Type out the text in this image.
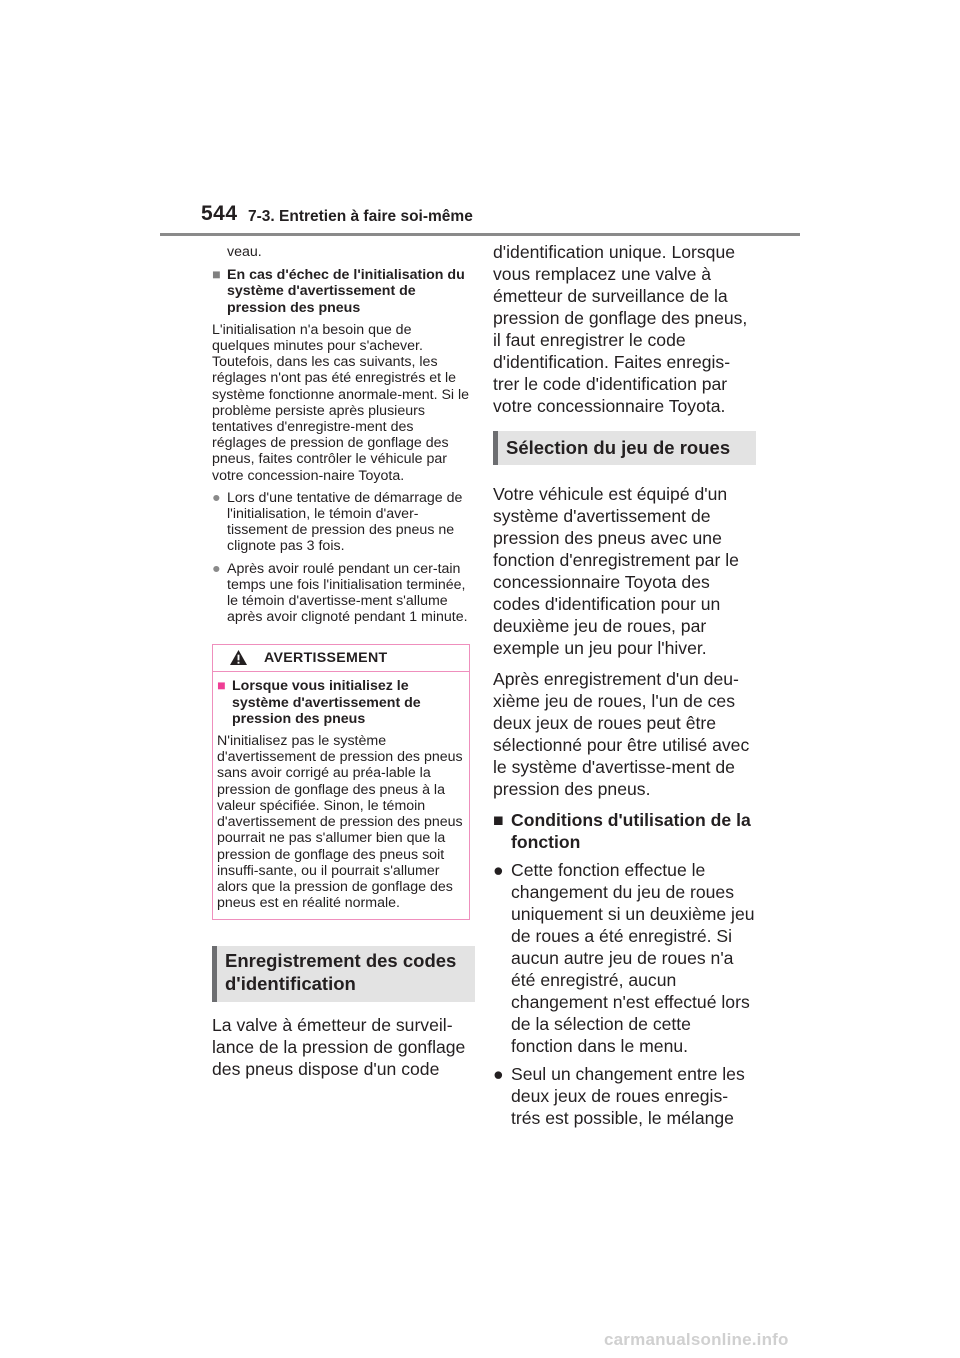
544 7-3. Entretien à faire soi-même
veau.
■ En cas d'échec de l'initialisation du système d'avertissement de pression des pneus
L'initialisation n'a besoin que de quelques minutes pour s'achever. Toutefois, dans les cas suivants, les réglages n'ont pas été enregistrés et le système fonctionne anormale-ment. Si le problème persiste après plusieurs tentatives d'enregistre-ment des réglages de pression de gonflage des pneus, faites contrôler le véhicule par votre concession-naire Toyota.
● Lors d'une tentative de démarrage de l'initialisation, le témoin d'aver-tissement de pression des pneus ne clignote pas 3 fois.
● Après avoir roulé pendant un cer-tain temps une fois l'initialisation terminée, le témoin d'avertisse-ment s'allume après avoir clignoté pendant 1 minute.
AVERTISSEMENT
■ Lorsque vous initialisez le système d'avertissement de pression des pneus
N'initialisez pas le système d'avertissement de pression des pneus sans avoir corrigé au préa-lable la pression de gonflage des pneus à la valeur spécifiée. Sinon, le témoin d'avertissement de pression des pneus pourrait ne pas s'allumer bien que la pression de gonflage des pneus soit insuffi-sante, ou il pourrait s'allumer alors que la pression de gonflage des pneus est en réalité normale.
Enregistrement des codes d'identification
La valve à émetteur de surveil-lance de la pression de gonflage des pneus dispose d'un code
d'identification unique. Lorsque vous remplacez une valve à émetteur de surveillance de la pression de gonflage des pneus, il faut enregistrer le code d'identification. Faites enregis-trer le code d'identification par votre concessionnaire Toyota.
Sélection du jeu de roues
Votre véhicule est équipé d'un système d'avertissement de pression des pneus avec une fonction d'enregistrement par le concessionnaire Toyota des codes d'identification pour un deuxième jeu de roues, par exemple un jeu pour l'hiver.
Après enregistrement d'un deu-xième jeu de roues, l'un de ces deux jeux de roues peut être sélectionné pour être utilisé avec le système d'avertisse-ment de pression des pneus.
■ Conditions d'utilisation de la fonction
● Cette fonction effectue le changement du jeu de roues uniquement si un deuxième jeu de roues a été enregistré. Si aucun autre jeu de roues n'a été enregistré, aucun changement n'est effectué lors de la sélection de cette fonction dans le menu.
● Seul un changement entre les deux jeux de roues enregis-trés est possible, le mélange
carmanualsonline.info
